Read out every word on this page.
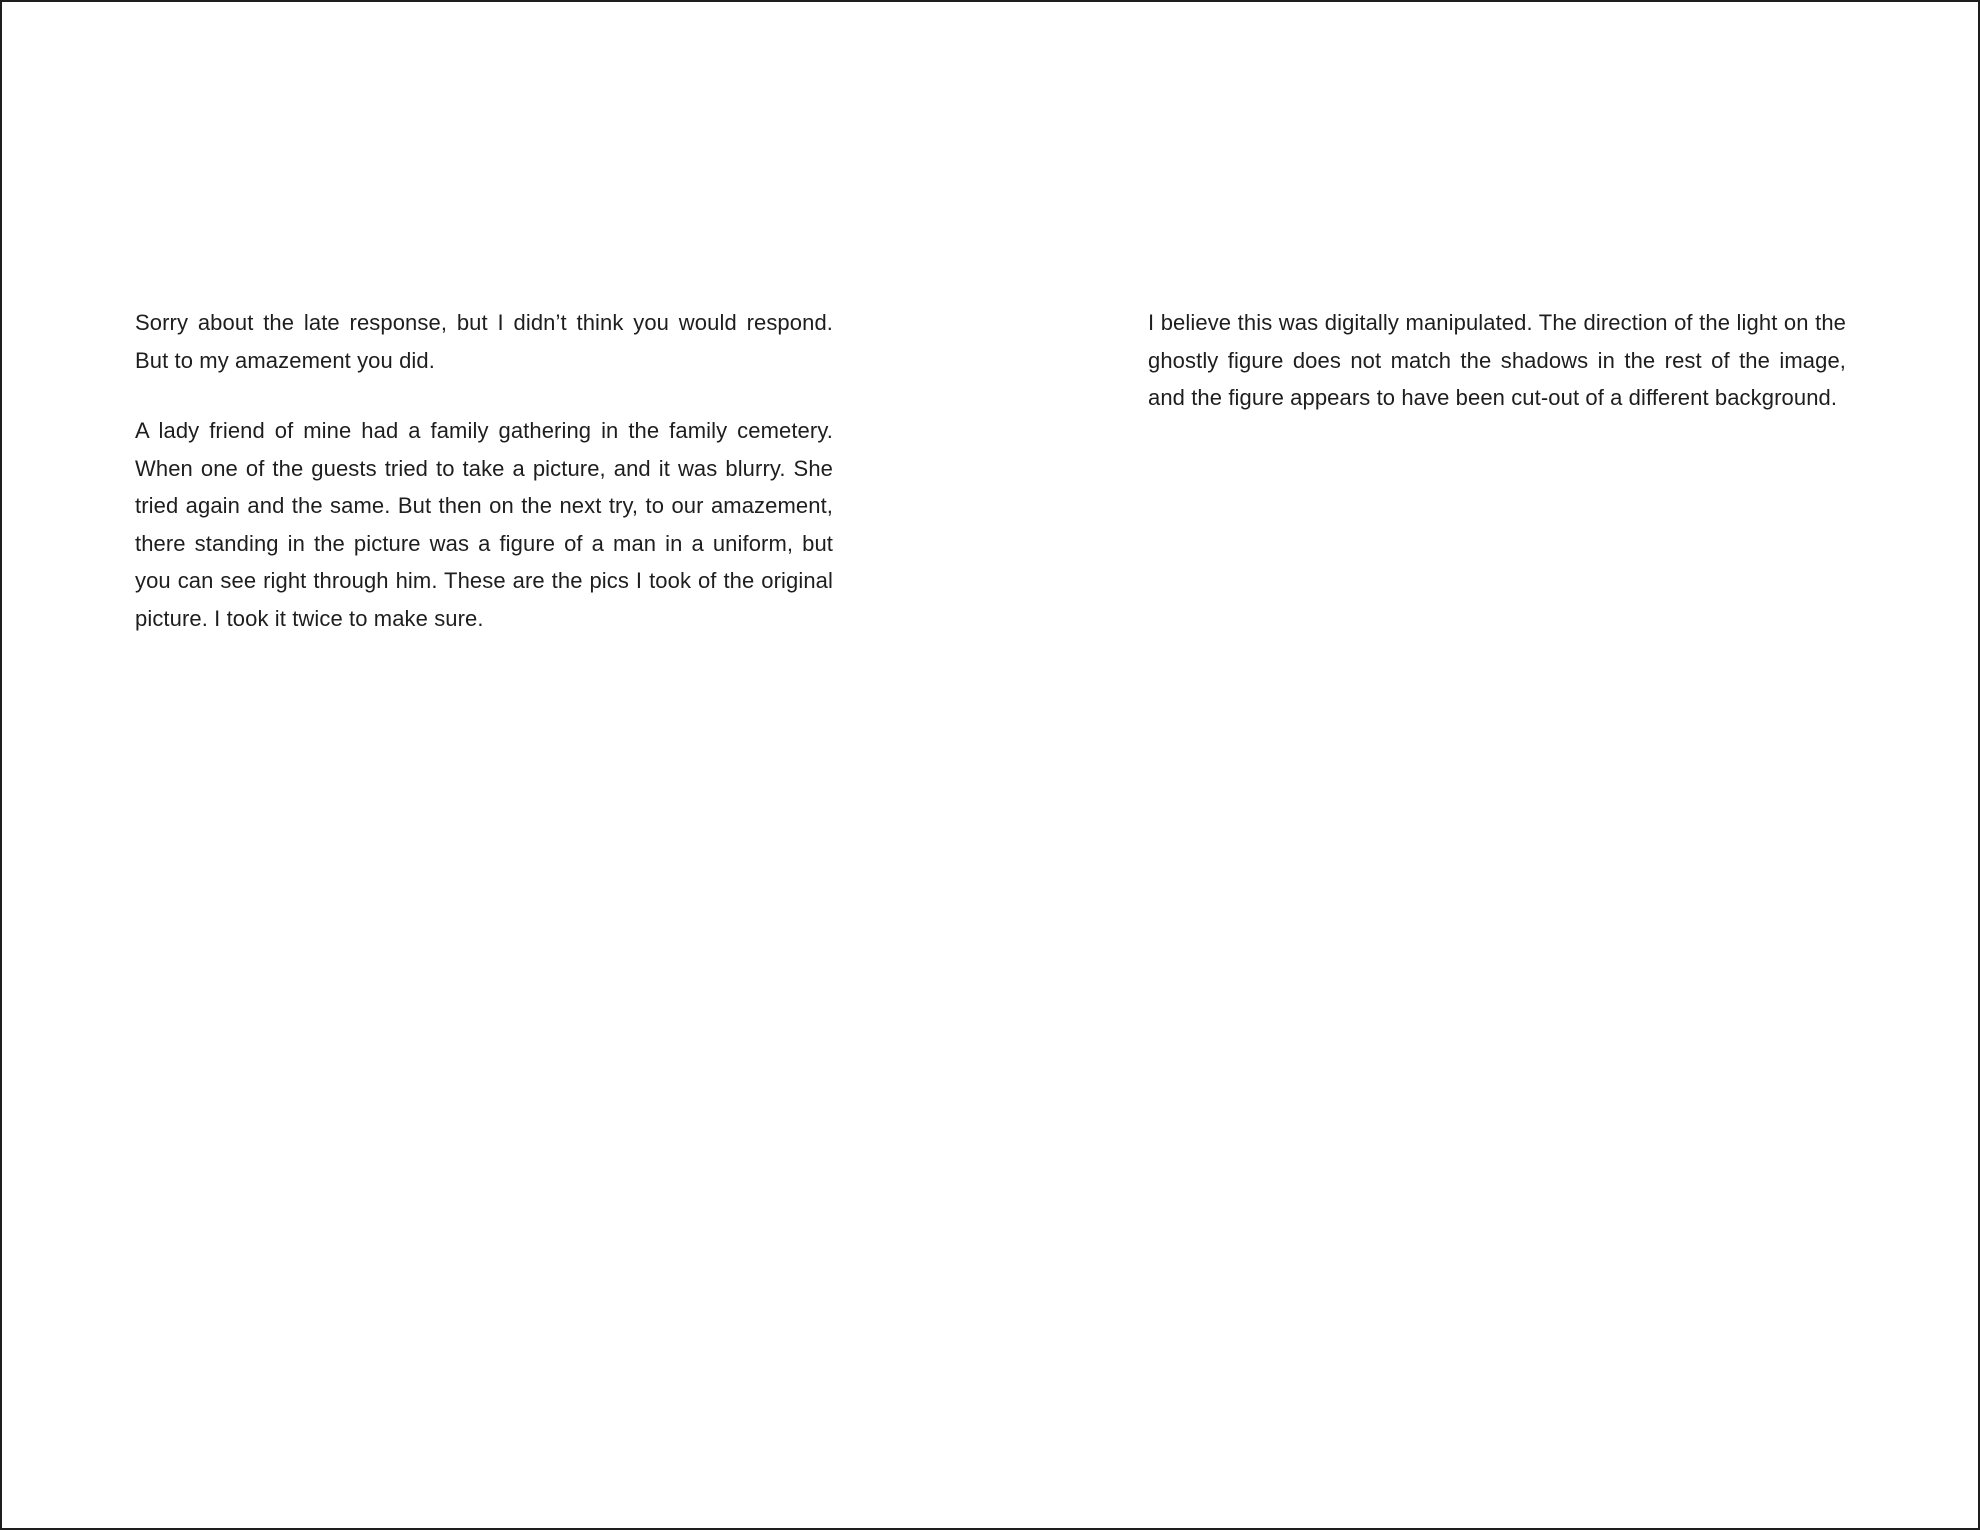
Sorry about the late response, but I didn’t think you would respond. But to my amazement you did.

A lady friend of mine had a family gathering in the family cemetery. When one of the guests tried to take a picture, and it was blurry. She tried again and the same. But then on the next try, to our amazement, there standing in the picture was a figure of a man in a uniform, but you can see right through him. These are the pics I took of the original picture. I took it twice to make sure.

I believe this was digitally manipulated. The direction of the light on the ghostly figure does not match the shadows in the rest of the image, and the figure appears to have been cut-out of a different background.
